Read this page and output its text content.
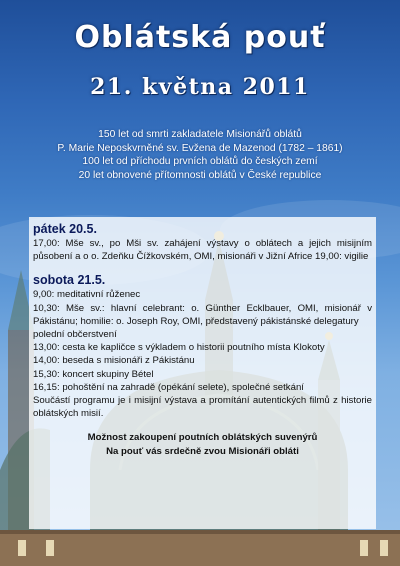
Oblátská pouť
21. května 2011
150 let od smrti zakladatele Misionářů oblátů
P. Marie Neposkvrněné sv. Evžena de Mazenod (1782 – 1861)
100 let od příchodu prvních oblátů do českých zemí
20 let obnovené přítomnosti oblátů v České republice
pátek 20.5.
17,00: Mše sv., po Mši sv. zahájení výstavy o oblátech a jejich misijním působení a o o. Zdeňku Čížkovském, OMI, misionáři v Jižní Africe 19,00: vigilie
sobota 21.5.
9,00: meditativní růženec
10,30: Mše sv.: hlavní celebrant: o. Günther Ecklbauer, OMI, misionář v Pákistánu; homilie: o. Joseph Roy, OMI, představený pákistánské delegatury
polední občerstvení
13,00: cesta ke kapličce s výkladem o historii poutního místa Klokoty
14,00: beseda s misionáři z Pákistánu
15,30: koncert skupiny Bétel
16,15: pohoštění na zahradě (opékání selete), společné setkání
Součástí programu je i misijní výstava a promítání autentických filmů z historie oblátských misií.
Možnost zakoupení poutních oblátských suvenýrů
Na pouť vás srdečně zvou Misionáři obláti
